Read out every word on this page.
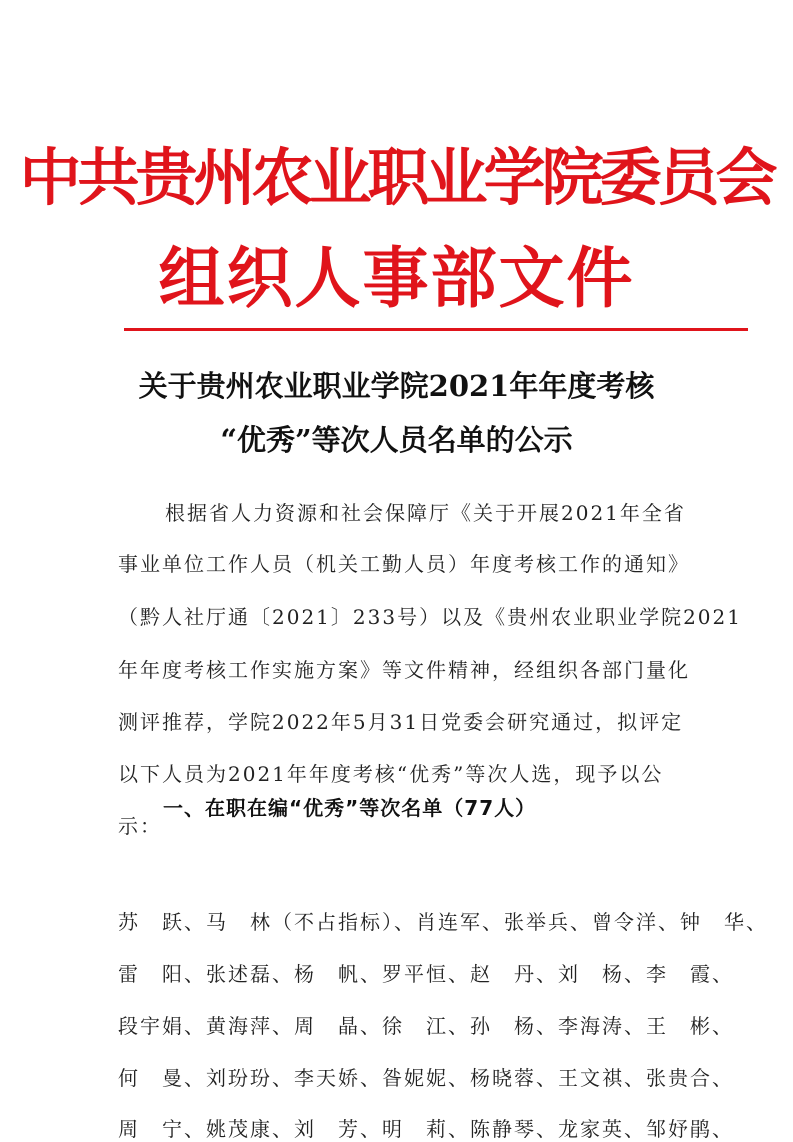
中共贵州农业职业学院委员会
组织人事部文件
关于贵州农业职业学院2021年年度考核
“优秀”等次人员名单的公示
根据省人力资源和社会保障厅《关于开展2021年全省
事业单位工作人员（机关工勤人员）年度考核工作的通知》
（黔人社厅通〔2021〕233号）以及《贵州农业职业学院2021
年年度考核工作实施方案》等文件精神，经组织各部门量化
测评推荐，学院2022年5月31日党委会研究通过，拟评定
以下人员为2021年年度考核“优秀”等次人选，现予以公
示：
一、在职在编“优秀”等次名单（77人）
苏　跃、马　林（不占指标）、肖连军、张举兵、曾令洋、钟　华、
雷　阳、张述磊、杨　帆、罗平恒、赵　丹、刘　杨、李　霞、
段宇娟、黄海萍、周　晶、徐　江、孙　杨、李海涛、王　彬、
何　曼、刘玢玢、李天娇、昝妮妮、杨晓蓉、王文祺、张贵合、
周　宁、姚茂康、刘　芳、明　莉、陈静琴、龙家英、邹妤鹃、
